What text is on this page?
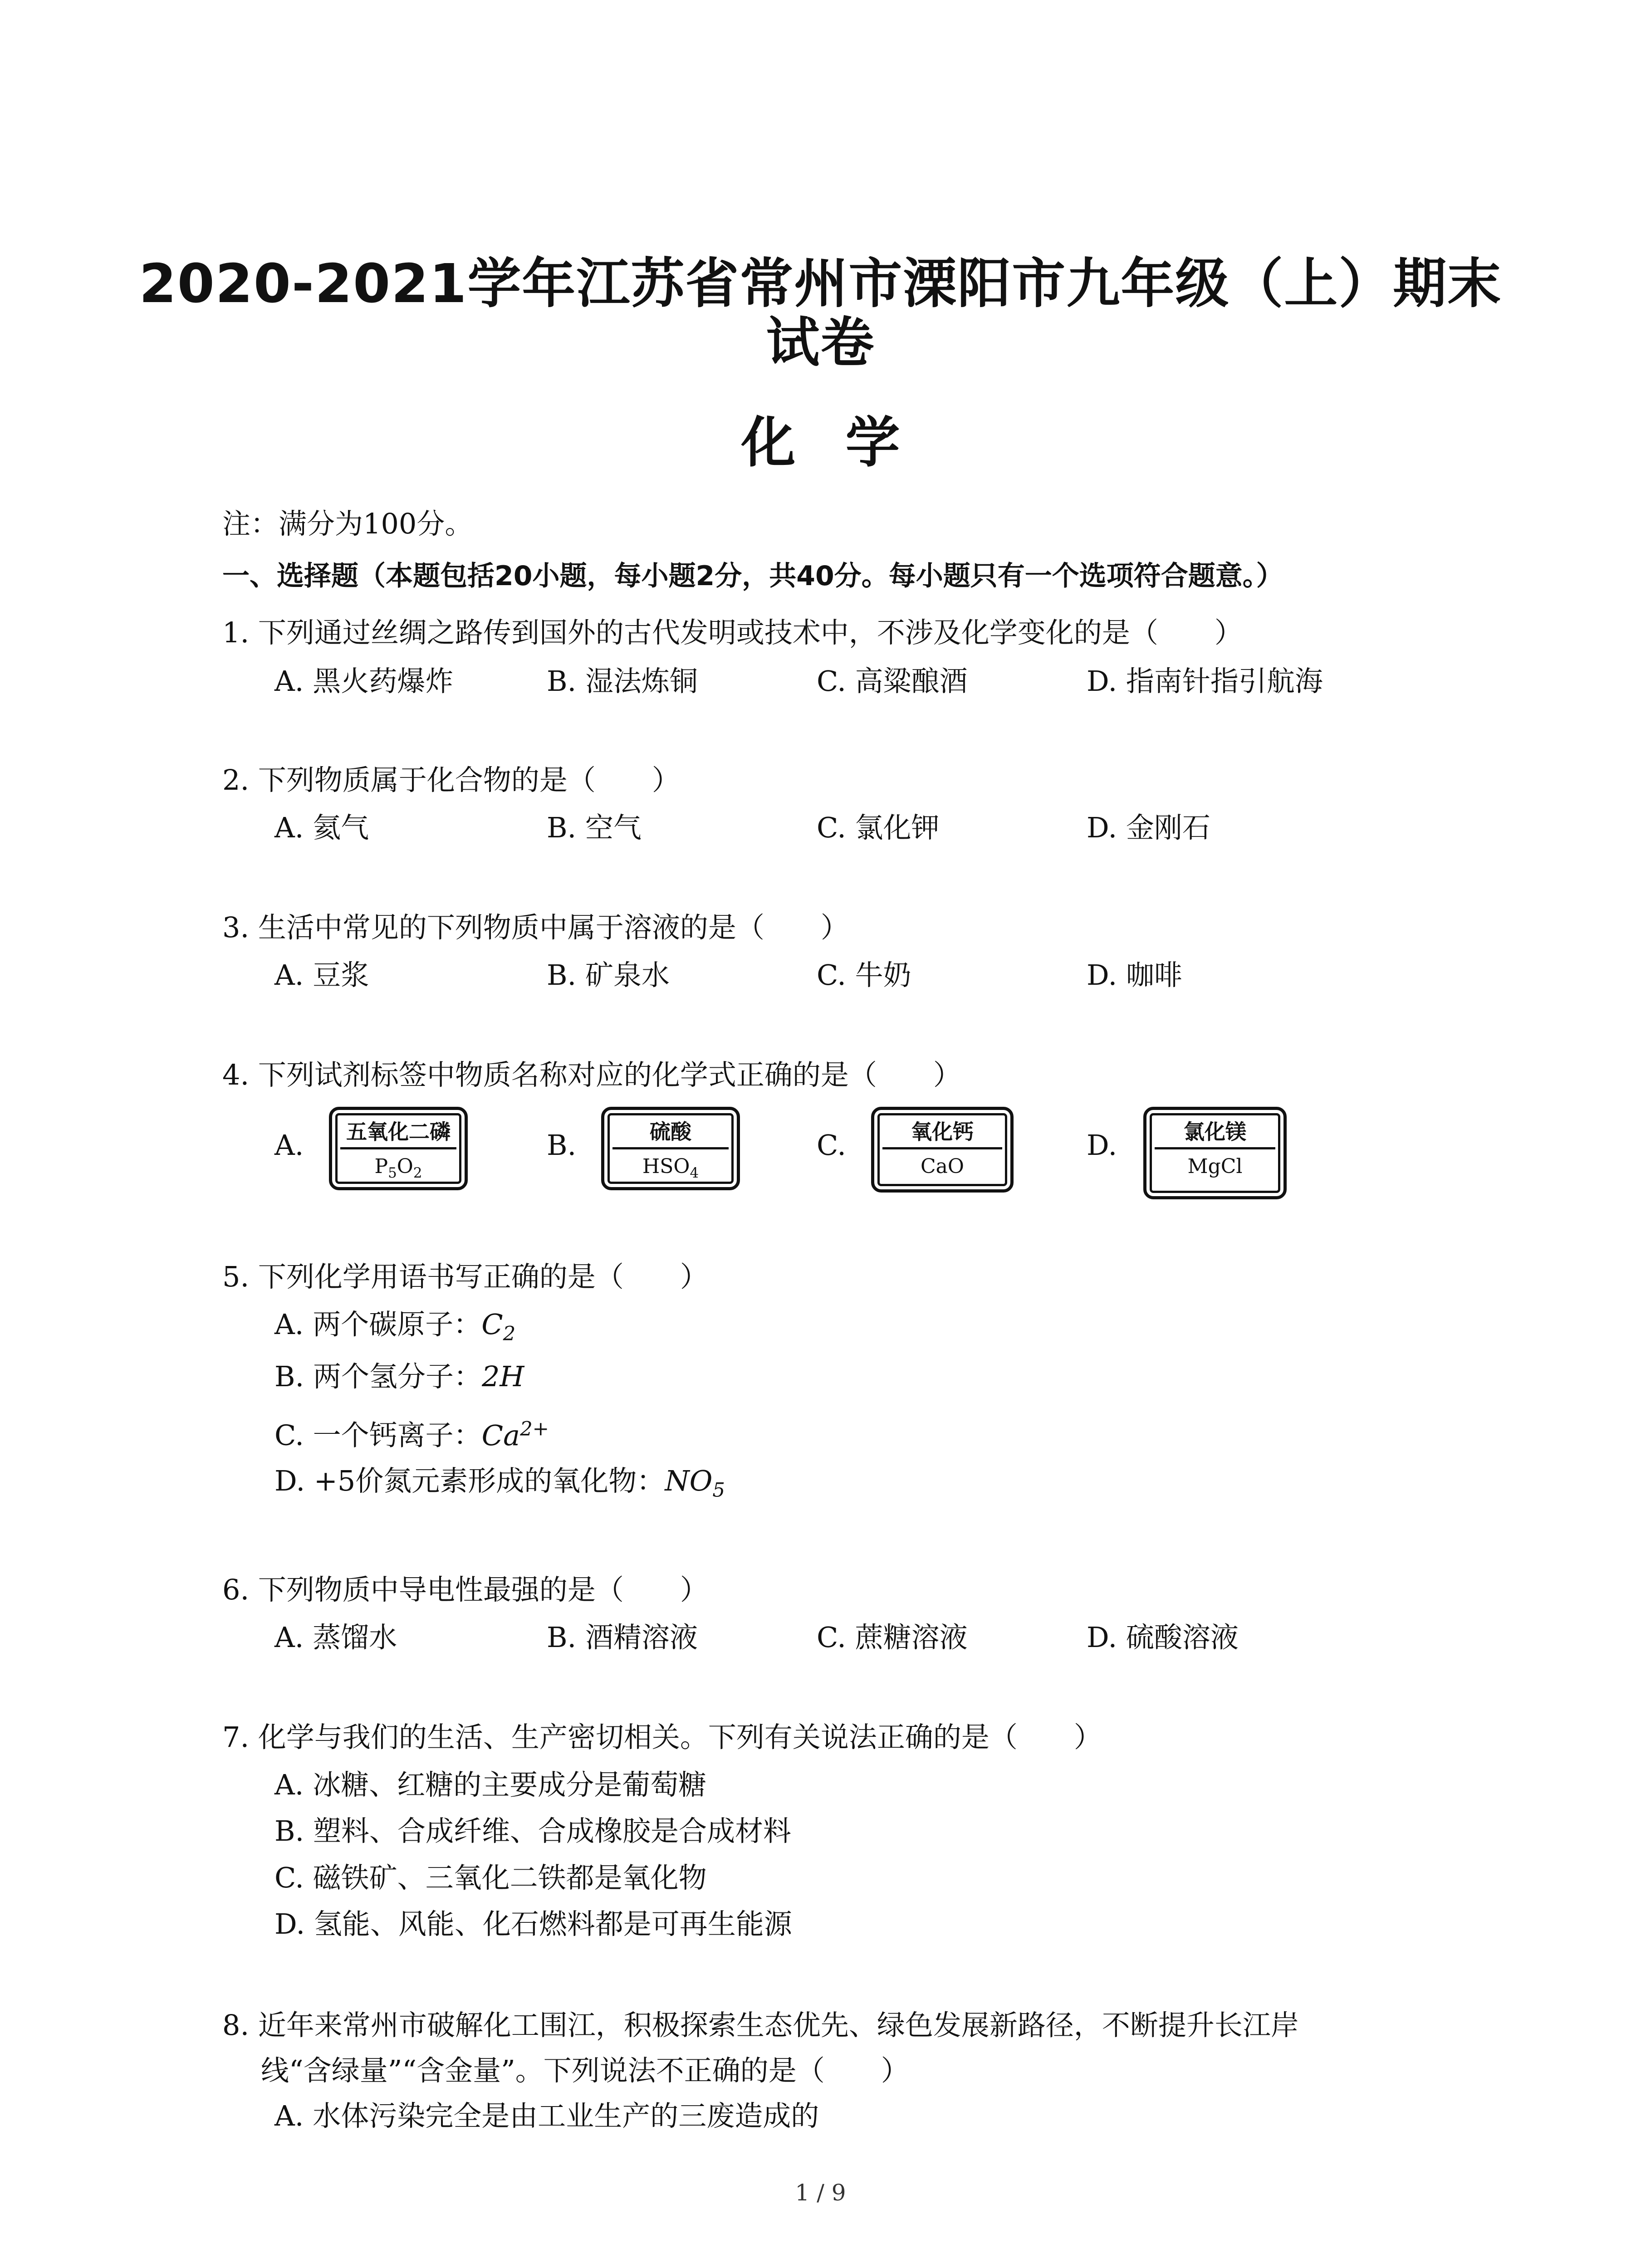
2020-2021学年江苏省常州市溧阳市九年级（上）期末
试卷
化学
注：满分为100分。
一、选择题（本题包括20小题，每小题2分，共40分。每小题只有一个选项符合题意。）
1. 下列通过丝绸之路传到国外的古代发明或技术中，不涉及化学变化的是（　　）
A. 黑火药爆炸	B. 湿法炼铜	C. 高粱酿酒	D. 指南针指引航海
2. 下列物质属于化合物的是（　　）
A. 氦气	B. 空气	C. 氯化钾	D. 金刚石
3. 生活中常见的下列物质中属于溶液的是（　　）
A. 豆浆	B. 矿泉水	C. 牛奶	D. 咖啡
4. 下列试剂标签中物质名称对应的化学式正确的是（　　）
A. 五氧化二磷
$P_5O_2$
B.	硫酸
$HSO_4$
C.	氧化钙
CaO
D.	氯化镁
MgCl
5. 下列化学用语书写正确的是（　　）
A. 两个碳原子：$C_2$
B. 两个氢分子：2H
C. 一个钙离子：$Ca^{2+}$
D. +5价氮元素形成的氧化物：$NO_5$
6. 下列物质中导电性最强的是（　　）
A. 蒸馏水	B. 酒精溶液	C. 蔗糖溶液	D. 硫酸溶液
7. 化学与我们的生活、生产密切相关。下列有关说法正确的是（　　）
A. 冰糖、红糖的主要成分是葡萄糖
B. 塑料、合成纤维、合成橡胶是合成材料
C. 磁铁矿、三氧化二铁都是氧化物
D. 氢能、风能、化石燃料都是可再生能源
8. 近年来常州市破解化工围江，积极探索生态优先、绿色发展新路径，不断提升长江岸
线“含绿量”“含金量”。下列说法不正确的是（　　）
A. 水体污染完全是由工业生产的三废造成的
1 / 9
